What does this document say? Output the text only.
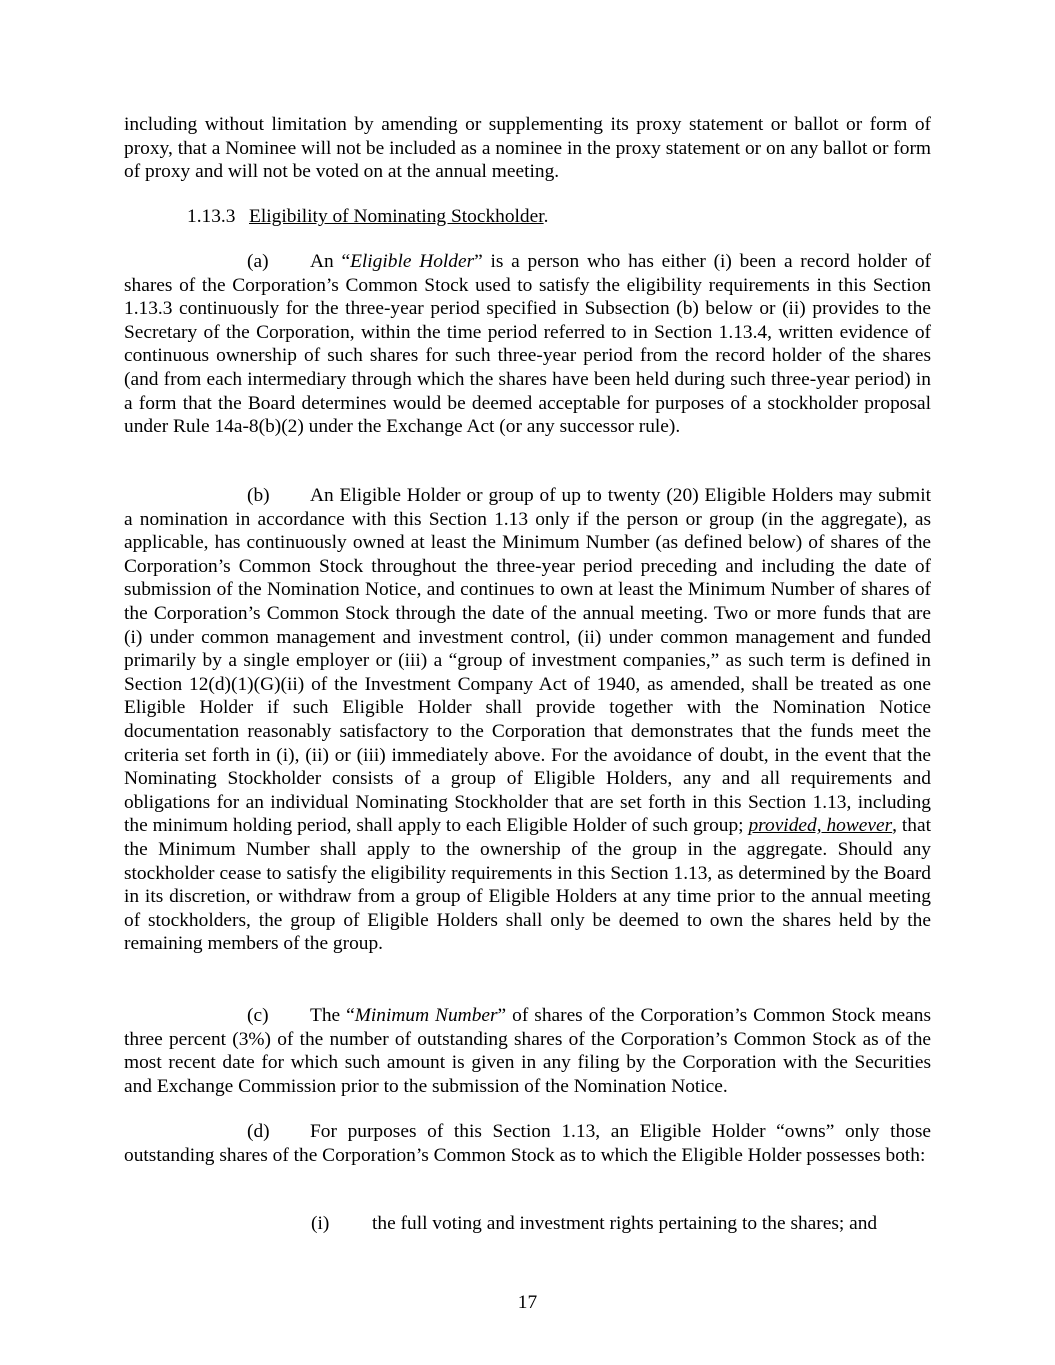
including without limitation by amending or supplementing its proxy statement or ballot or form of proxy, that a Nominee will not be included as a nominee in the proxy statement or on any ballot or form of proxy and will not be voted on at the annual meeting.

1.13.3 Eligibility of Nominating Stockholder.

(a) An “Eligible Holder” is a person who has either (i) been a record holder of shares of the Corporation’s Common Stock used to satisfy the eligibility requirements in this Section 1.13.3 continuously for the three-year period specified in Subsection (b) below or (ii) provides to the Secretary of the Corporation, within the time period referred to in Section 1.13.4, written evidence of continuous ownership of such shares for such three-year period from the record holder of the shares (and from each intermediary through which the shares have been held during such three-year period) in a form that the Board determines would be deemed acceptable for purposes of a stockholder proposal under Rule 14a-8(b)(2) under the Exchange Act (or any successor rule).

(b) An Eligible Holder or group of up to twenty (20) Eligible Holders may submit a nomination in accordance with this Section 1.13 only if the person or group (in the aggregate), as applicable, has continuously owned at least the Minimum Number (as defined below) of shares of the Corporation’s Common Stock throughout the three-year period preceding and including the date of submission of the Nomination Notice, and continues to own at least the Minimum Number of shares of the Corporation’s Common Stock through the date of the annual meeting. Two or more funds that are (i) under common management and investment control, (ii) under common management and funded primarily by a single employer or (iii) a “group of investment companies,” as such term is defined in Section 12(d)(1)(G)(ii) of the Investment Company Act of 1940, as amended, shall be treated as one Eligible Holder if such Eligible Holder shall provide together with the Nomination Notice documentation reasonably satisfactory to the Corporation that demonstrates that the funds meet the criteria set forth in (i), (ii) or (iii) immediately above. For the avoidance of doubt, in the event that the Nominating Stockholder consists of a group of Eligible Holders, any and all requirements and obligations for an individual Nominating Stockholder that are set forth in this Section 1.13, including the minimum holding period, shall apply to each Eligible Holder of such group; provided, however, that the Minimum Number shall apply to the ownership of the group in the aggregate. Should any stockholder cease to satisfy the eligibility requirements in this Section 1.13, as determined by the Board in its discretion, or withdraw from a group of Eligible Holders at any time prior to the annual meeting of stockholders, the group of Eligible Holders shall only be deemed to own the shares held by the remaining members of the group.

(c) The “Minimum Number” of shares of the Corporation’s Common Stock means three percent (3%) of the number of outstanding shares of the Corporation’s Common Stock as of the most recent date for which such amount is given in any filing by the Corporation with the Securities and Exchange Commission prior to the submission of the Nomination Notice.

(d) For purposes of this Section 1.13, an Eligible Holder “owns” only those outstanding shares of the Corporation’s Common Stock as to which the Eligible Holder possesses both:

(i) the full voting and investment rights pertaining to the shares; and

17
